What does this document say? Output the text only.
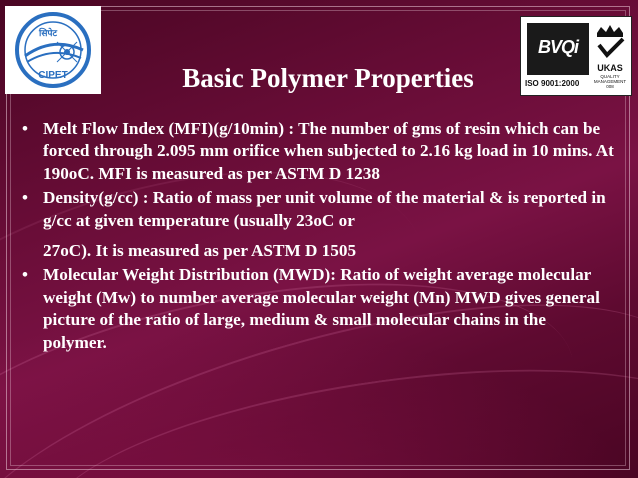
सिपेट
CIPET
BVQi
ISO 9001:2000
UKAS
QUALITY MANAGEMENT
008
Basic Polymer Properties
• Melt Flow Index (MFI)(g/10min) : The number of gms of resin which can be forced through 2.095 mm orifice when subjected to 2.16 kg load in 10 mins. At 190oC. MFI is measured as per ASTM D 1238
• Density(g/cc) : Ratio of mass per unit volume of the material & is reported in g/cc at given temperature (usually 23oC or
27oC). It is measured as per ASTM D 1505
• Molecular Weight Distribution (MWD): Ratio of weight average molecular weight (Mw) to number average molecular weight (Mn) MWD gives general picture of the ratio of large, medium & small molecular chains in the polymer.
